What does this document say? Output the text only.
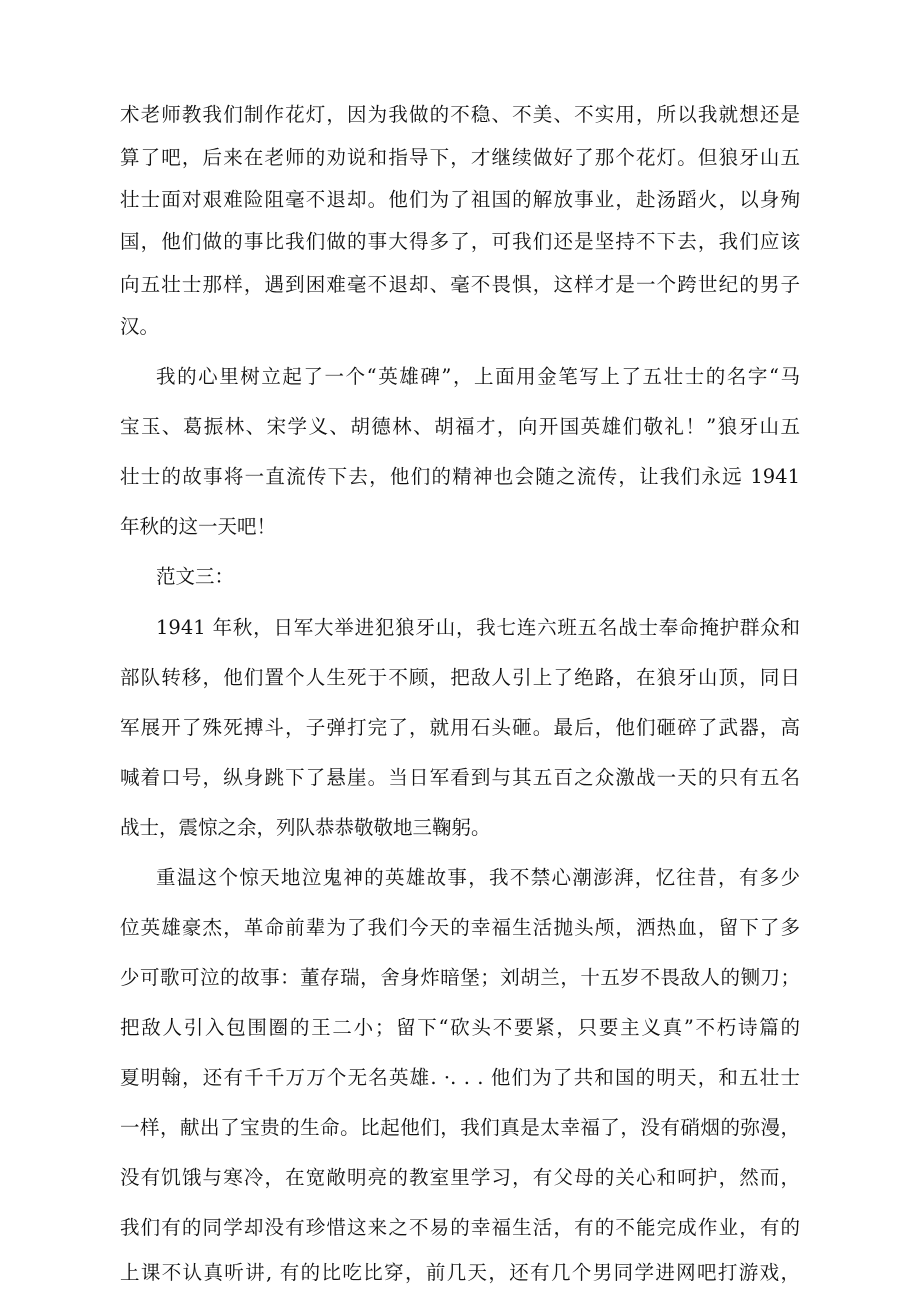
术老师教我们制作花灯，因为我做的不稳、不美、不实用，所以我就想还是
算了吧，后来在老师的劝说和指导下，才继续做好了那个花灯。但狼牙山五
壮士面对艰难险阻毫不退却。他们为了祖国的解放事业，赴汤蹈火，以身殉
国，他们做的事比我们做的事大得多了，可我们还是坚持不下去，我们应该
向五壮士那样，遇到困难毫不退却、毫不畏惧，这样才是一个跨世纪的男子
汉。
我的心里树立起了一个“英雄碑”，上面用金笔写上了五壮士的名字“马
宝玉、葛振林、宋学义、胡德林、胡福才，向开国英雄们敬礼！”狼牙山五
壮士的故事将一直流传下去，他们的精神也会随之流传，让我们永远 1941
年秋的这一天吧！
范文三：
1941 年秋，日军大举进犯狼牙山，我七连六班五名战士奉命掩护群众和
部队转移，他们置个人生死于不顾，把敌人引上了绝路，在狼牙山顶，同日
军展开了殊死搏斗，子弹打完了，就用石头砸。最后，他们砸碎了武器，高
喊着口号，纵身跳下了悬崖。当日军看到与其五百之众激战一天的只有五名
战士，震惊之余，列队恭恭敬敬地三鞠躬。
重温这个惊天地泣鬼神的英雄故事，我不禁心潮澎湃，忆往昔，有多少
位英雄豪杰，革命前辈为了我们今天的幸福生活抛头颅，洒热血，留下了多
少可歌可泣的故事：董存瑞，舍身炸暗堡；刘胡兰，十五岁不畏敌人的铡刀；
把敌人引入包围圈的王二小；留下“砍头不要紧，只要主义真”不朽诗篇的
夏明翰，还有千千万万个无名英雄. ·. . . 他们为了共和国的明天，和五壮士
一样，献出了宝贵的生命。比起他们，我们真是太幸福了，没有硝烟的弥漫，
没有饥饿与寒冷，在宽敞明亮的教室里学习，有父母的关心和呵护，然而，
我们有的同学却没有珍惜这来之不易的幸福生活，有的不能完成作业，有的
上课不认真听讲, 有的比吃比穿，前几天，还有几个男同学进网吧打游戏，
